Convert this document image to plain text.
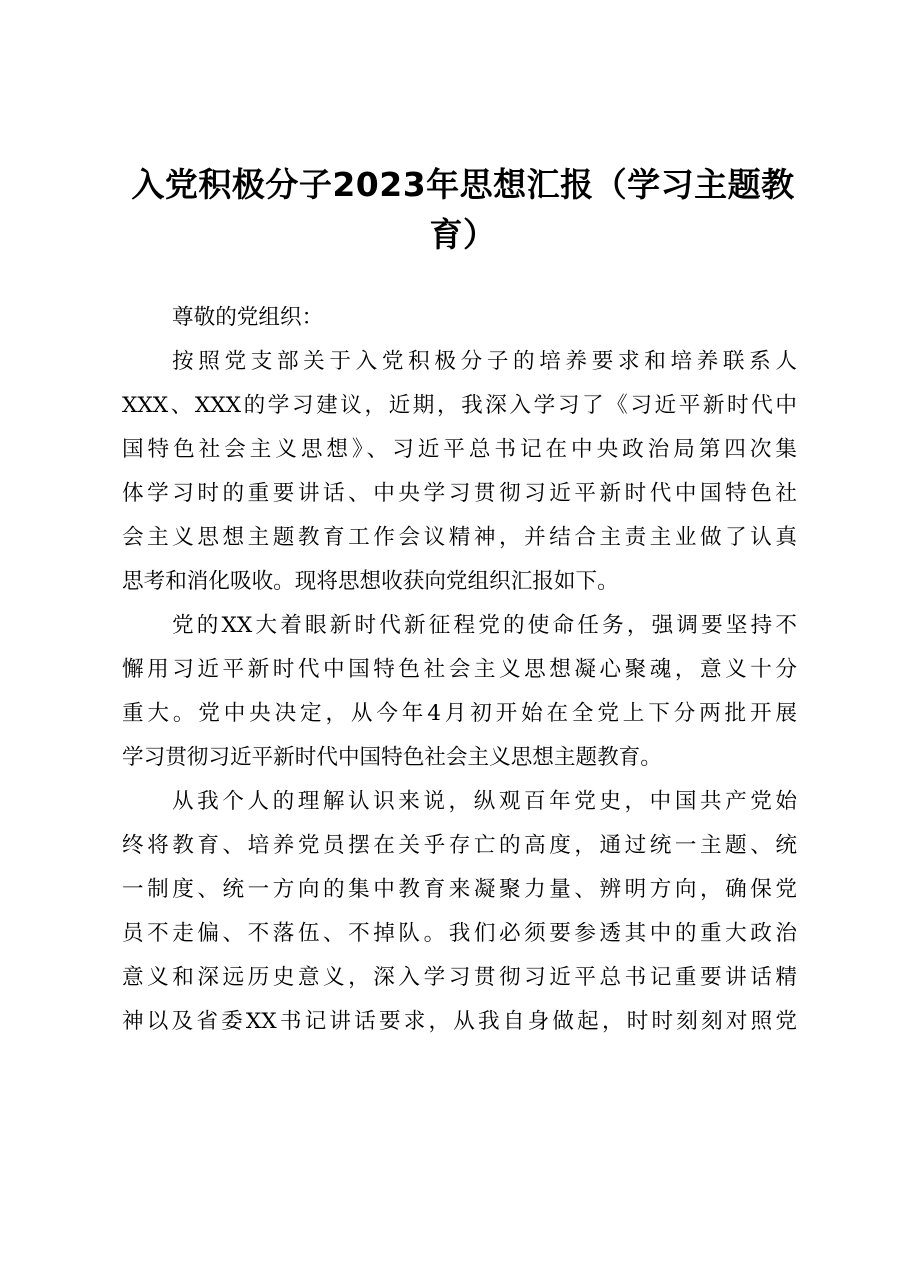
入党积极分子2023年思想汇报（学习主题教育）
尊敬的党组织：
按照党支部关于入党积极分子的培养要求和培养联系人
XXX、XXX的学习建议，近期，我深入学习了《习近平新时代中
国特色社会主义思想》、习近平总书记在中央政治局第四次集
体学习时的重要讲话、中央学习贯彻习近平新时代中国特色社
会主义思想主题教育工作会议精神，并结合主责主业做了认真
思考和消化吸收。现将思想收获向党组织汇报如下。
党的XX大着眼新时代新征程党的使命任务，强调要坚持不
懈用习近平新时代中国特色社会主义思想凝心聚魂，意义十分
重大。党中央决定，从今年4月初开始在全党上下分两批开展
学习贯彻习近平新时代中国特色社会主义思想主题教育。
从我个人的理解认识来说，纵观百年党史，中国共产党始
终将教育、培养党员摆在关乎存亡的高度，通过统一主题、统
一制度、统一方向的集中教育来凝聚力量、辨明方向，确保党
员不走偏、不落伍、不掉队。我们必须要参透其中的重大政治
意义和深远历史意义，深入学习贯彻习近平总书记重要讲话精
神以及省委XX书记讲话要求，从我自身做起，时时刻刻对照党
